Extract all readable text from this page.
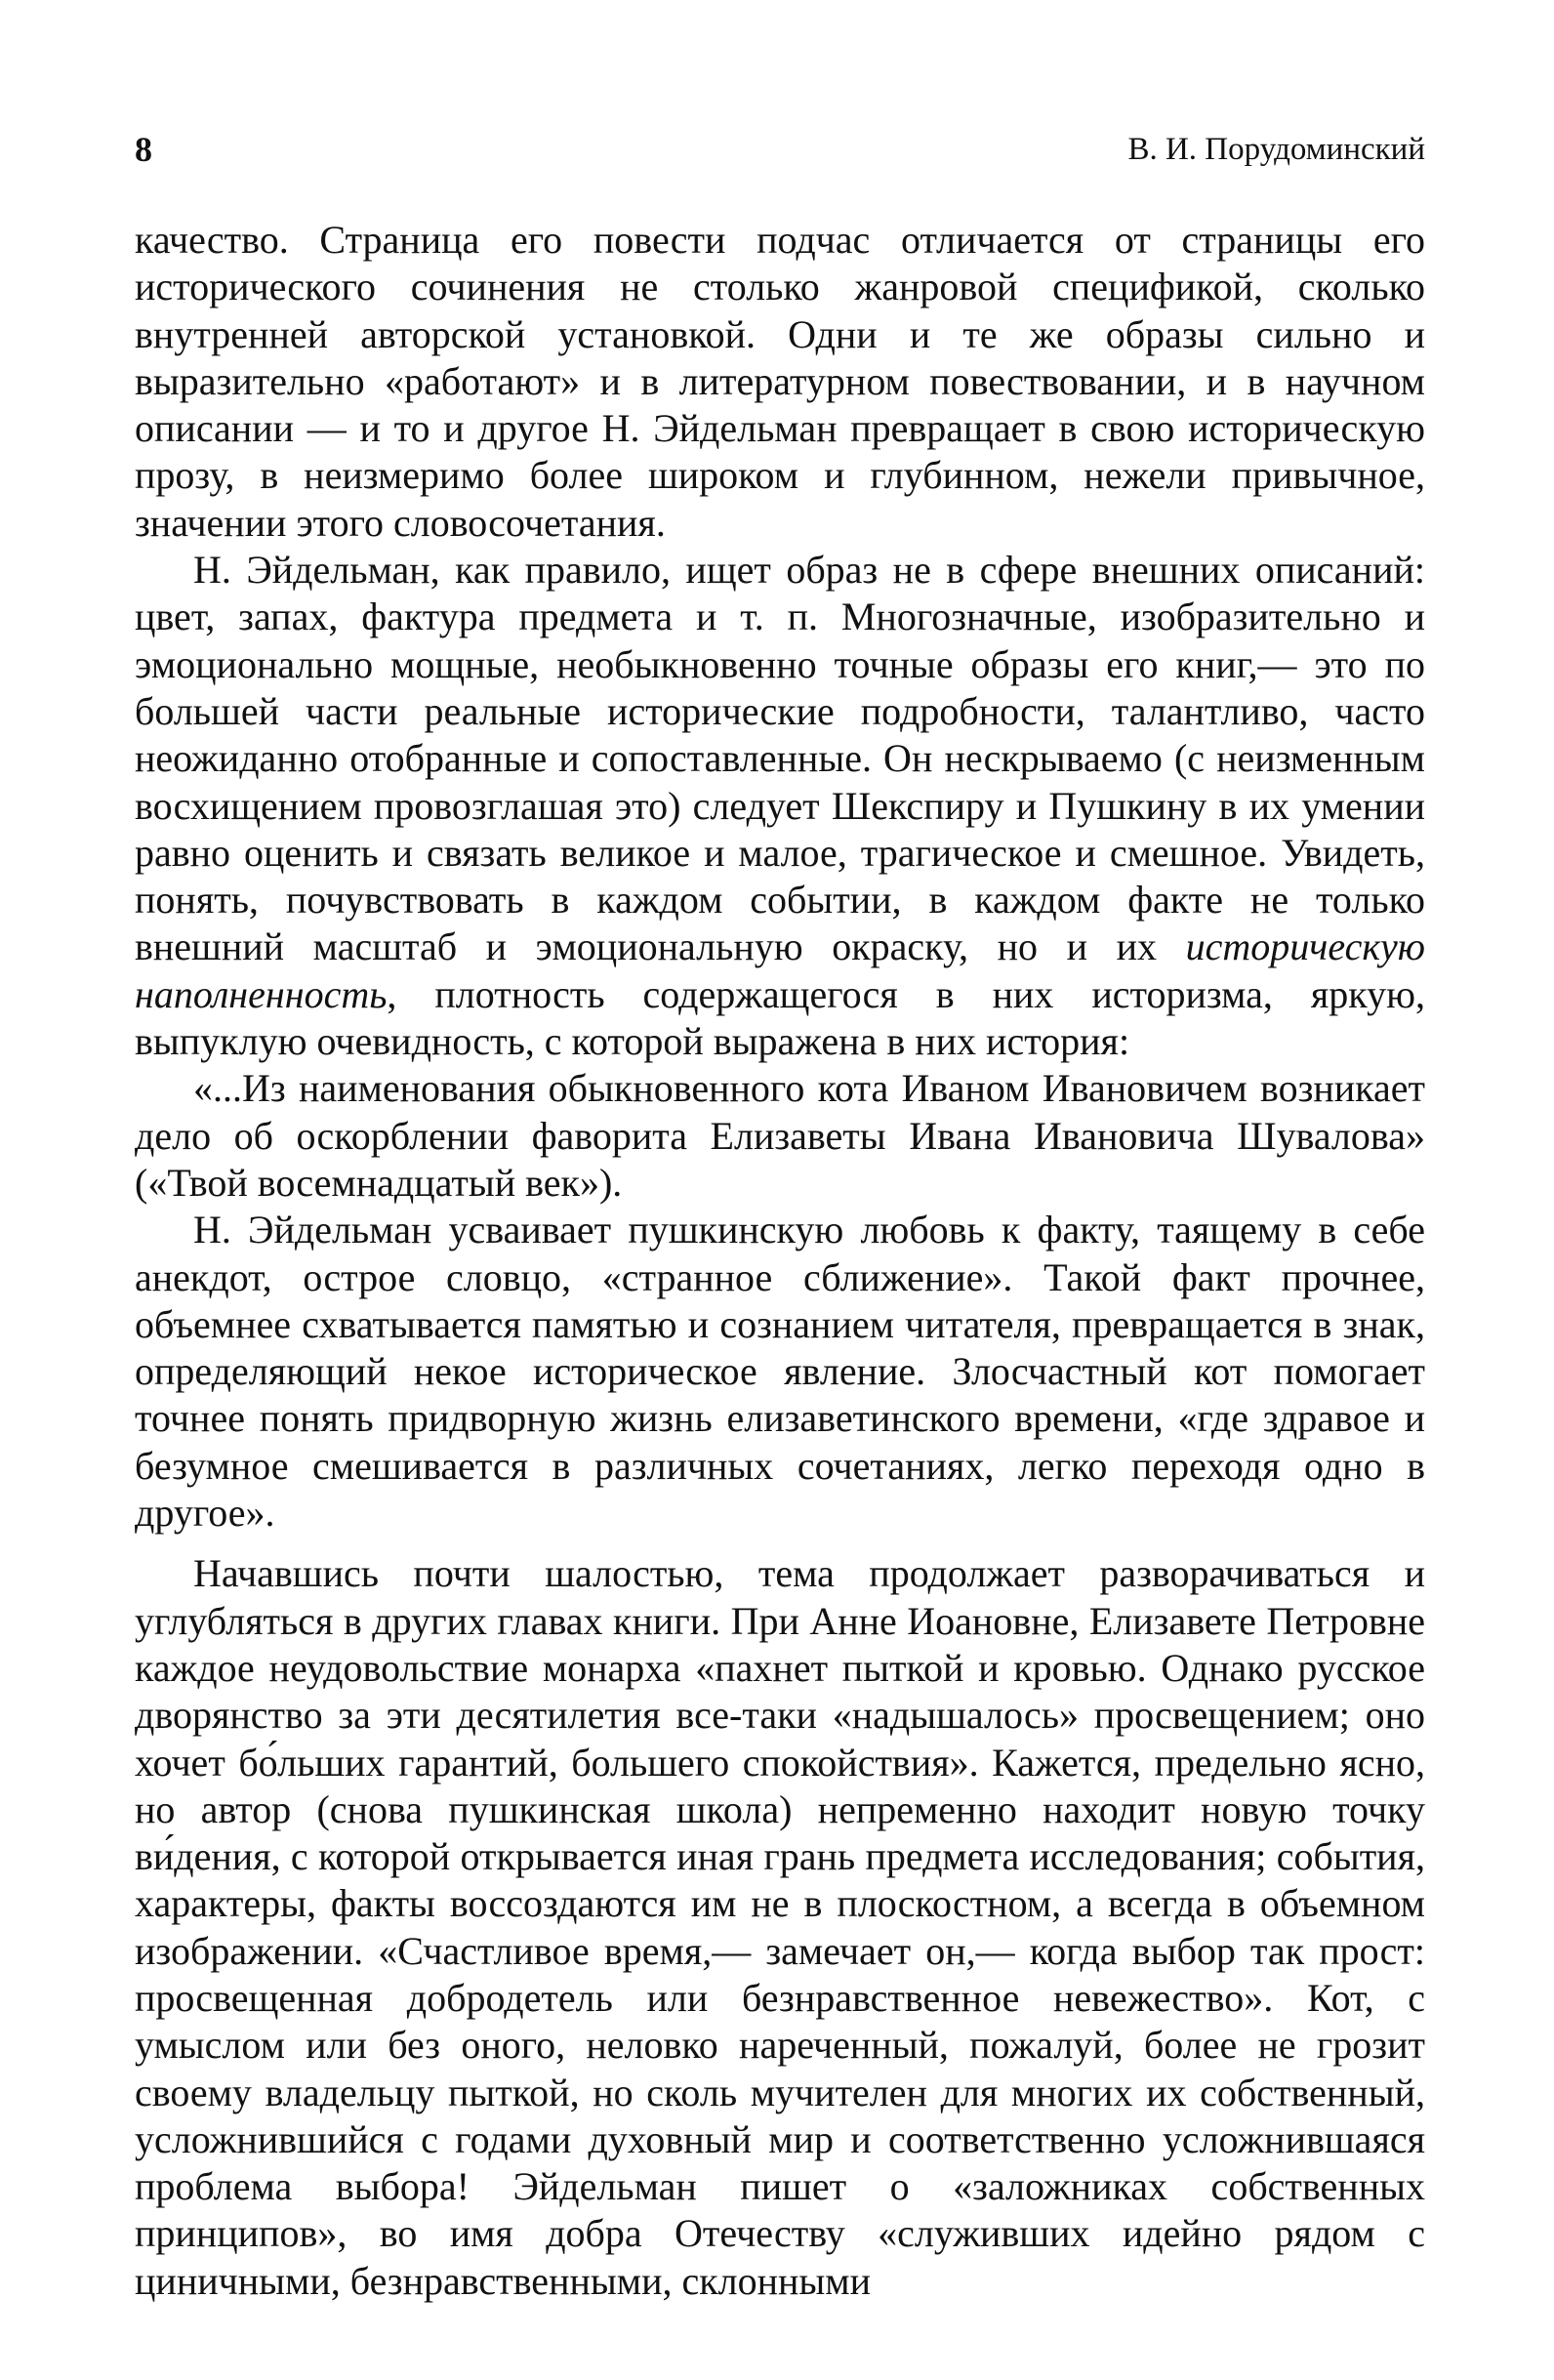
8	В. И. Порудоминский

качество. Страница его повести подчас отличается от страницы его исторического сочинения не столько жанровой спецификой, сколько внутренней авторской установкой. Одни и те же образы сильно и выразительно «работают» и в литературном повествовании, и в научном описании — и то и другое Н. Эйдельман превращает в свою историческую прозу, в неизмеримо более широком и глубинном, нежели привычное, значении этого словосочетания.

Н. Эйдельман, как правило, ищет образ не в сфере внешних описаний: цвет, запах, фактура предмета и т. п. Многозначные, изобразительно и эмоционально мощные, необыкновенно точные образы его книг,— это по большей части реальные исторические подробности, талантливо, часто неожиданно отобранные и сопоставленные. Он нескрываемо (с неизменным восхищением провозглашая это) следует Шекспиру и Пушкину в их умении равно оценить и связать великое и малое, трагическое и смешное. Увидеть, понять, почувствовать в каждом событии, в каждом факте не только внешний масштаб и эмоциональную окраску, но и их историческую наполненность, плотность содержащегося в них историзма, яркую, выпуклую очевидность, с которой выражена в них история:

«...Из наименования обыкновенного кота Иваном Ивановичем возникает дело об оскорблении фаворита Елизаветы Ивана Ивановича Шувалова» («Твой восемнадцатый век»).

Н. Эйдельман усваивает пушкинскую любовь к факту, таящему в себе анекдот, острое словцо, «странное сближение». Такой факт прочнее, объемнее схватывается памятью и сознанием читателя, превращается в знак, определяющий некое историческое явление. Злосчастный кот помогает точнее понять придворную жизнь елизаветинского времени, «где здравое и безумное смешивается в различных сочетаниях, легко переходя одно в другое».

Начавшись почти шалостью, тема продолжает разворачиваться и углубляться в других главах книги. При Анне Иоановне, Елизавете Петровне каждое неудовольствие монарха «пахнет пыткой и кровью. Однако русское дворянство за эти десятилетия все-таки «надышалось» просвещением; оно хочет бо́льших гарантий, большего спокойствия». Кажется, предельно ясно, но автор (снова пушкинская школа) непременно находит новую точку ви́дения, с которой открывается иная грань предмета исследования; события, характеры, факты воссоздаются им не в плоскостном, а всегда в объемном изображении. «Счастливое время,— замечает он,— когда выбор так прост: просвещенная добродетель или безнравственное невежество». Кот, с умыслом или без оного, неловко нареченный, пожалуй, более не грозит своему владельцу пыткой, но сколь мучителен для многих их собственный, усложнившийся с годами духовный мир и соответственно усложнившаяся проблема выбора! Эйдельман пишет о «заложниках собственных принципов», во имя добра Отечеству «служивших идейно рядом с циничными, безнравственными, склонными
